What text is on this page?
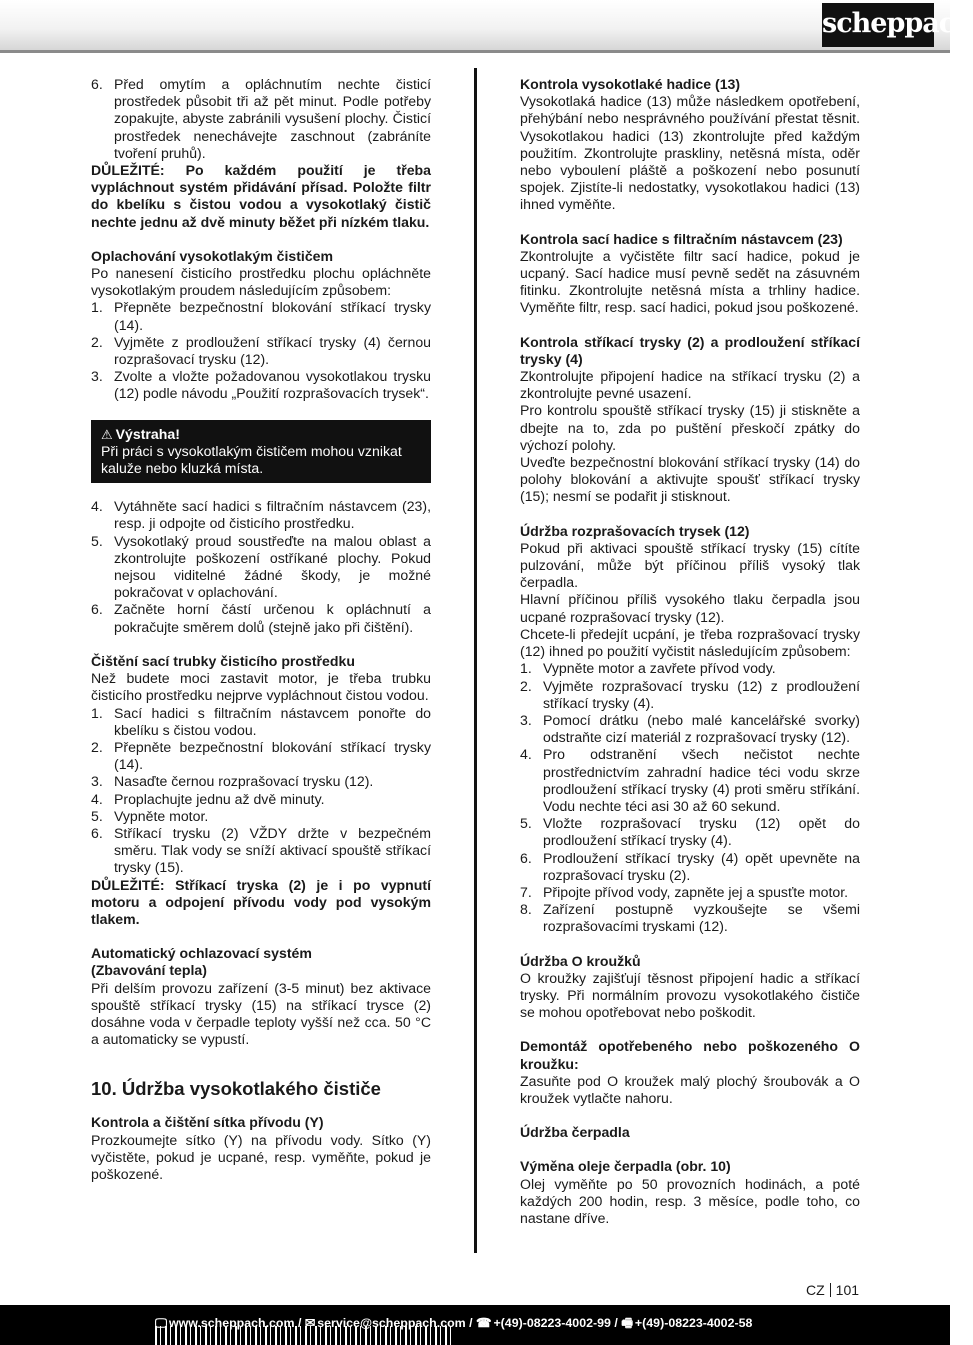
scheppach
6. Před omytím a opláchnutím nechte čisticí prostředek působit tři až pět minut. Podle potřeby zopakujte, abyste zabránili vysušení plochy. Čisticí prostředek nenechávejte zaschnout (zabráníte tvoření pruhů).

DŮLEŽITÉ: Po každém použití je třeba vypláchnout systém přidávání přísad. Položte filtr do kbelíku s čistou vodou a vysokotlaký čistič nechte jednu až dvě minuty běžet při nízkém tlaku.

Oplachování vysokotlakým čističem

Po nanesení čisticího prostředku plochu opláchněte vysokotlakým proudem následujícím způsobem:

1. Přepněte bezpečnostní blokování stříkací trysky (14).
2. Vyjměte z prodloužení stříkací trysky (4) černou rozprašovací trysku (12).
3. Zvolte a vložte požadovanou vysokotlakou trysku (12) podle návodu „Použití rozprašovacích trysek“.
⚠ Výstraha!
Při práci s vysokotlakým čističem mohou vznikat kaluže nebo kluzká místa.
4. Vytáhněte sací hadici s filtračním nástavcem (23), resp. ji odpojte od čisticího prostředku.
5. Vysokotlaký proud soustřeďte na malou oblast a zkontrolujte poškození ostříkané plochy. Pokud nejsou viditelné žádné škody, je možné pokračovat v oplachování.
6. Začněte horní částí určenou k opláchnutí a pokračujte směrem dolů (stejně jako při čištění).

Čištění sací trubky čisticího prostředku

Než budete moci zastavit motor, je třeba trubku čisticího prostředku nejprve vypláchnout čistou vodou.

1. Sací hadici s filtračním nástavcem ponořte do kbelíku s čistou vodou.
2. Přepněte bezpečnostní blokování stříkací trysky (14).
3. Nasaďte černou rozprašovací trysku (12).
4. Proplachujte jednu až dvě minuty.
5. Vypněte motor.
6. Stříkací trysku (2) VŽDY držte v bezpečném směru. Tlak vody se sníží aktivací spouště stříkací trysky (15).

DŮLEŽITÉ: Stříkací tryska (2) je i po vypnutí motoru a odpojení přívodu vody pod vysokým tlakem.

Automatický ochlazovací systém

(Zbavování tepla)

Při delším provozu zařízení (3-5 minut) bez aktivace spouště stříkací trysky (15) na stříkací trysce (2) dosáhne voda v čerpadle teploty vyšší než cca. 50 °C a automaticky se vypustí.

10. Údržba vysokotlakého čističe

Kontrola a čištění sítka přívodu (Y)

Prozkoumejte sítko (Y) na přívodu vody. Sítko (Y) vyčistěte, pokud je ucpané, resp. vyměňte, pokud je poškozené.

Kontrola vysokotlaké hadice (13)

Vysokotlaká hadice (13) může následkem opotřebení, přehýbání nebo nesprávného používání přestat těsnit. Vysokotlakou hadici (13) zkontrolujte před každým použitím. Zkontrolujte praskliny, netěsná místa, oděr nebo vyboulení pláště a poškození nebo posunutí spojek. Zjistíte-li nedostatky, vysokotlakou hadici (13) ihned vyměňte.

Kontrola sací hadice s filtračním nástavcem (23)

Zkontrolujte a vyčistěte filtr sací hadice, pokud je ucpaný. Sací hadice musí pevně sedět na zásuvném fitinku. Zkontrolujte netěsná místa a trhliny hadice. Vyměňte filtr, resp. sací hadici, pokud jsou poškozené.

Kontrola stříkací trysky (2) a prodloužení stříkací trysky (4)

Zkontrolujte připojení hadice na stříkací trysku (2) a zkontrolujte pevné usazení.

Pro kontrolu spouště stříkací trysky (15) ji stiskněte a dbejte na to, zda po puštění přeskočí zpátky do výchozí polohy.

Uveďte bezpečnostní blokování stříkací trysky (14) do polohy blokování a aktivujte spoušť stříkací trysky (15); nesmí se podařit ji stisknout.

Údržba rozprašovacích trysek (12)

Pokud při aktivaci spouště stříkací trysky (15) cítíte pulzování, může být příčinou příliš vysoký tlak čerpadla.

Hlavní příčinou příliš vysokého tlaku čerpadla jsou ucpané rozprašovací trysky (12).

Chcete-li předejít ucpání, je třeba rozprašovací trysky (12) ihned po použití vyčistit následujícím způsobem:

1. Vypněte motor a zavřete přívod vody.
2. Vyjměte rozprašovací trysku (12) z prodloužení stříkací trysky (4).
3. Pomocí drátku (nebo malé kancelářské svorky) odstraňte cizí materiál z rozprašovací trysky (12).
4. Pro odstranění všech nečistot nechte prostřednictvím zahradní hadice téci vodu skrze prodloužení stříkací trysky (4) proti směru stříkání. Vodu nechte téci asi 30 až 60 sekund.
5. Vložte rozprašovací trysku (12) opět do prodloužení stříkací trysky (4).
6. Prodloužení stříkací trysky (4) opět upevněte na rozprašovací trysku (2).
7. Připojte přívod vody, zapněte jej a spusťte motor.
8. Zařízení postupně vyzkoušejte se všemi rozprašovacími tryskami (12).

Údržba O kroužků

O kroužky zajišťují těsnost připojení hadic a stříkací trysky. Při normálním provozu vysokotlakého čističe se mohou opotřebovat nebo poškodit.

Demontáž opotřebeného nebo poškozeného O kroužku:

Zasuňte pod O kroužek malý plochý šroubovák a O kroužek vytlačte nahoru.

Údržba čerpadla

Výměna oleje čerpadla (obr. 10)

Olej vyměňte po 50 provozních hodinách, a poté každých 200 hodin, resp. 3 měsíce, podle toho, co nastane dříve.

CZ 101
🖵 www.scheppach.com / ✉ service@scheppach.com / ☎ +(49)-08223-4002-99 / 🖷 +(49)-08223-4002-58
